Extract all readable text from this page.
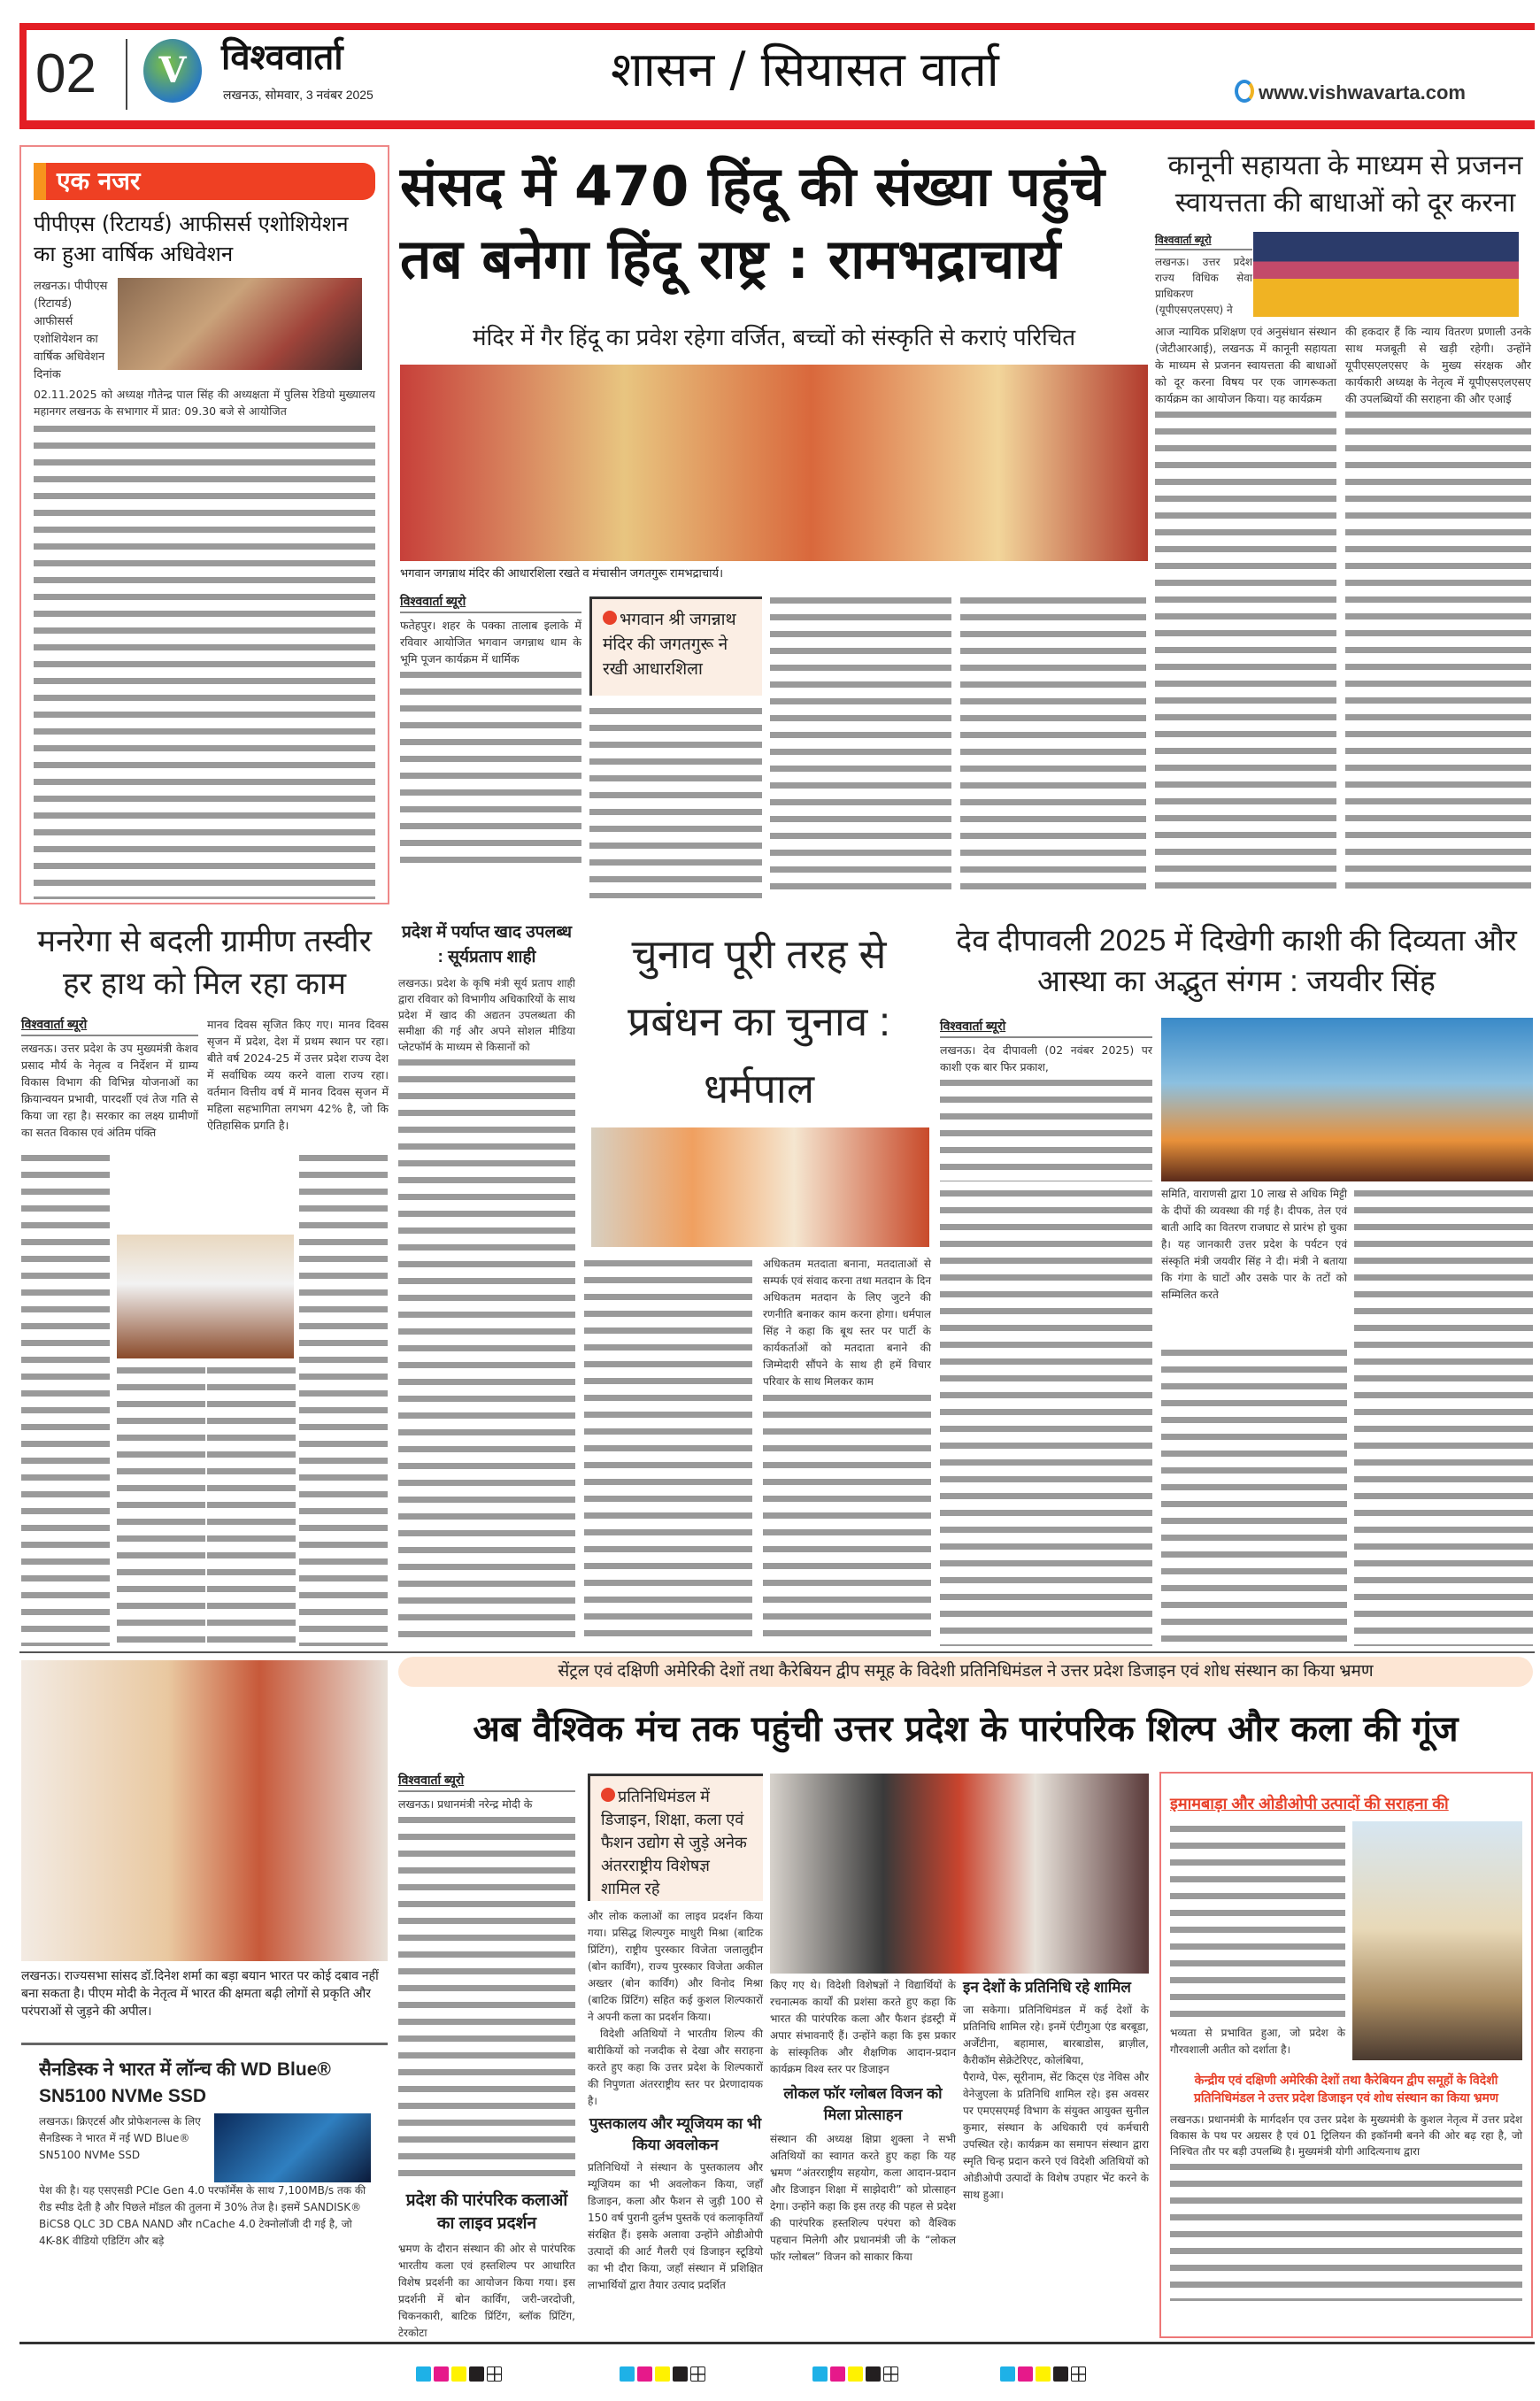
02	V विश्ववार्ता
लखनऊ, सोमवार, 3 नवंबर 2025	शासन / सियासत वार्ता	www.vishwavarta.com
एक नजर
पीपीएस (रिटायर्ड) आफीसर्स एशोशियेशन का हुआ वार्षिक अधिवेशन
लखनऊ। पीपीएस (रिटायर्ड) आफीसर्स एशोशियेशन का वार्षिक अधिवेशन दिनांक
02.11.2025 को अध्यक्ष गौतेन्द्र पाल सिंह की अध्यक्षता में पुलिस रेडियो मुख्यालय महानगर लखनऊ के सभागार में प्रात: 09.30 बजे से आयोजित
संसद में 470 हिंदू की संख्या पहुंचे
तब बनेगा हिंदू राष्ट्र : रामभद्राचार्य
मंदिर में गैर हिंदू का प्रवेश रहेगा वर्जित, बच्चों को संस्कृति से कराएं परिचित
भगवान जगन्नाथ मंदिर की आधारशिला रखते व मंचासीन जगतगुरू रामभद्राचार्य।
विश्ववार्ता ब्यूरो
फतेहपुर। शहर के पक्का तालाब इलाके में रविवार आयोजित भगवान जगन्नाथ धाम के भूमि पूजन कार्यक्रम में धार्मिक
भगवान श्री जगन्नाथ मंदिर की जगतगुरू ने रखी आधारशिला
कानूनी सहायता के माध्यम से प्रजनन स्वायत्तता की बाधाओं को दूर करना
विश्ववार्ता ब्यूरो
लखनऊ। उत्तर प्रदेश राज्य विधिक सेवा प्राधिकरण (यूपीएसएलएसए) ने
आज न्यायिक प्रशिक्षण एवं अनुसंधान संस्थान (जेटीआरआई), लखनऊ में कानूनी सहायता के माध्यम से प्रजनन स्वायत्तता की बाधाओं को दूर करना विषय पर एक जागरूकता कार्यक्रम का आयोजन किया। यह कार्यक्रम
की हकदार हैं कि न्याय वितरण प्रणाली उनके साथ मजबूती से खड़ी रहेगी। उन्होंने यूपीएसएलएसए के मुख्य संरक्षक और कार्यकारी अध्यक्ष के नेतृत्व में यूपीएसएलएसए की उपलब्धियों की सराहना की और एआई
मनरेगा से बदली ग्रामीण तस्वीर हर हाथ को मिल रहा काम
विश्ववार्ता ब्यूरो
लखनऊ। उत्तर प्रदेश के उप मुख्यमंत्री केशव प्रसाद मौर्य के नेतृत्व व निर्देशन में ग्राम्य विकास विभाग की विभिन्न योजनाओं का क्रियान्वयन प्रभावी, पारदर्शी एवं तेज गति से किया जा रहा है। सरकार का लक्ष्य ग्रामीणों का सतत विकास एवं अंतिम पंक्ति
मानव दिवस सृजित किए गए। मानव दिवस सृजन में प्रदेश, देश में प्रथम स्थान पर रहा। बीते वर्ष 2024-25 में उत्तर प्रदेश राज्य देश में सर्वाधिक व्यय करने वाला राज्य रहा। वर्तमान वित्तीय वर्ष में मानव दिवस सृजन में महिला सहभागिता लगभग 42% है, जो कि ऐतिहासिक प्रगति है।
प्रदेश में पर्याप्त खाद उपलब्ध : सूर्यप्रताप शाही
लखनऊ। प्रदेश के कृषि मंत्री सूर्य प्रताप शाही द्वारा रविवार को विभागीय अधिकारियों के साथ प्रदेश में खाद की अद्यतन उपलब्धता की समीक्षा की गई और अपने सोशल मीडिया प्लेटफॉर्म के माध्यम से किसानों को
चुनाव पूरी तरह से प्रबंधन का चुनाव : धर्मपाल
अधिकतम मतदाता बनाना, मतदाताओं से सम्पर्क एवं संवाद करना तथा मतदान के दिन अधिकतम मतदान के लिए जुटने की रणनीति बनाकर काम करना होगा। धर्मपाल सिंह ने कहा कि बूथ स्तर पर पार्टी के कार्यकर्ताओं को मतदाता बनाने की जिम्मेदारी सौंपने के साथ ही हमें विचार परिवार के साथ मिलकर काम
देव दीपावली 2025 में दिखेगी काशी की दिव्यता और आस्था का अद्भुत संगम : जयवीर सिंह
विश्ववार्ता ब्यूरो
लखनऊ। देव दीपावली (02 नवंबर 2025) पर काशी एक बार फिर प्रकाश,
समिति, वाराणसी द्वारा 10 लाख से अधिक मिट्टी के दीपों की व्यवस्था की गई है। दीपक, तेल एवं बाती आदि का वितरण राजघाट से प्रारंभ हो चुका है। यह जानकारी उत्तर प्रदेश के पर्यटन एवं संस्कृति मंत्री जयवीर सिंह ने दी। मंत्री ने बताया कि गंगा के घाटों और उसके पार के तटों को सम्मिलित करते
लखनऊ। राज्यसभा सांसद डॉ.दिनेश शर्मा का बड़ा बयान भारत पर कोई दबाव नहीं बना सकता है। पीएम मोदी के नेतृत्व में भारत की क्षमता बढ़ी लोगों से प्रकृति और परंपराओं से जुड़ने की अपील।
सैनडिस्क ने भारत में लॉन्च की WD Blue® SN5100 NVMe SSD
लखनऊ। क्रिएटर्स और प्रोफेशनल्स के लिए सैनडिस्क ने भारत में नई WD Blue® SN5100 NVMe SSD
पेश की है। यह एसएसडी PCIe Gen 4.0 परफॉर्मेंस के साथ 7,100MB/s तक की रीड स्पीड देती है और पिछले मॉडल की तुलना में 30% तेज है। इसमें SANDISK® BiCS8 QLC 3D CBA NAND और nCache 4.0 टेक्नोलॉजी दी गई है, जो 4K-8K वीडियो एडिटिंग और बड़े
सेंट्रल एवं दक्षिणी अमेरिकी देशों तथा कैरेबियन द्वीप समूह के विदेशी प्रतिनिधिमंडल ने उत्तर प्रदेश डिजाइन एवं शोध संस्थान का किया भ्रमण
अब वैश्विक मंच तक पहुंची उत्तर प्रदेश के पारंपरिक शिल्प और कला की गूंज
विश्ववार्ता ब्यूरो
लखनऊ। प्रधानमंत्री नरेन्द्र मोदी के
प्रदेश की पारंपरिक कलाओं का लाइव प्रदर्शन
भ्रमण के दौरान संस्थान की ओर से पारंपरिक भारतीय कला एवं हस्तशिल्प पर आधारित विशेष प्रदर्शनी का आयोजन किया गया। इस प्रदर्शनी में बोन कार्विंग, जरी-जरदोजी, चिकनकारी, बाटिक प्रिंटिंग, ब्लॉक प्रिंटिंग, टेरकोटा
प्रतिनिधिमंडल में डिजाइन, शिक्षा, कला एवं फैशन उद्योग से जुड़े अनेक अंतरराष्ट्रीय विशेषज्ञ शामिल रहे
और लोक कलाओं का लाइव प्रदर्शन किया गया। प्रसिद्ध शिल्पगुरु माधुरी मिश्रा (बाटिक प्रिंटिंग), राष्ट्रीय पुरस्कार विजेता जलालुद्दीन (बोन कार्विंग), राज्य पुरस्कार विजेता अकील अख्तर (बोन कार्विंग) और विनोद मिश्रा (बाटिक प्रिंटिंग) सहित कई कुशल शिल्पकारों ने अपनी कला का प्रदर्शन किया।
विदेशी अतिथियों ने भारतीय शिल्प की बारीकियों को नजदीक से देखा और सराहना करते हुए कहा कि उत्तर प्रदेश के शिल्पकारों की निपुणता अंतरराष्ट्रीय स्तर पर प्रेरणादायक है।
पुस्तकालय और म्यूजियम का भी किया अवलोकन
प्रतिनिधियों ने संस्थान के पुस्तकालय और म्यूजियम का भी अवलोकन किया, जहाँ डिजाइन, कला और फैशन से जुड़ी 100 से 150 वर्ष पुरानी दुर्लभ पुस्तकें एवं कलाकृतियाँ संरक्षित हैं। इसके अलावा उन्होंने ओडीओपी उत्पादों की आर्ट गैलरी एवं डिजाइन स्टूडियो का भी दौरा किया, जहाँ संस्थान में प्रशिक्षित लाभार्थियों द्वारा तैयार उत्पाद प्रदर्शित
किए गए थे। विदेशी विशेषज्ञों ने विद्यार्थियों के रचनात्मक कार्यों की प्रशंसा करते हुए कहा कि भारत की पारंपरिक कला और फैशन इंडस्ट्री में अपार संभावनाएँ हैं। उन्होंने कहा कि इस प्रकार के सांस्कृतिक और शैक्षणिक आदान-प्रदान कार्यक्रम विश्व स्तर पर डिजाइन
लोकल फॉर ग्लोबल विजन को मिला प्रोत्साहन
संस्थान की अध्यक्ष क्षिप्रा शुक्ला ने सभी अतिथियों का स्वागत करते हुए कहा कि यह भ्रमण “अंतरराष्ट्रीय सहयोग, कला आदान-प्रदान और डिजाइन शिक्षा में साझेदारी” को प्रोत्साहन देगा। उन्होंने कहा कि इस तरह की पहल से प्रदेश की पारंपरिक हस्तशिल्प परंपरा को वैश्विक पहचान मिलेगी और प्रधानमंत्री जी के “लोकल फॉर ग्लोबल” विजन को साकार किया
इन देशों के प्रतिनिधि रहे शामिल
जा सकेगा। प्रतिनिधिमंडल में कई देशों के प्रतिनिधि शामिल रहे। इनमें एंटीगुआ एंड बरबूडा, अर्जेंटीना, बहामास, बारबाडोस, ब्राज़ील, कैरीकॉम सेक्रेटेरिएट, कोलंबिया,
पैराग्वे, पेरू, सूरीनाम, सेंट किट्स एंड नेविस और वेनेजुएला के प्रतिनिधि शामिल रहे। इस अवसर पर एमएसएमई विभाग के संयुक्त आयुक्त सुनील कुमार, संस्थान के अधिकारी एवं कर्मचारी उपस्थित रहे। कार्यक्रम का समापन संस्थान द्वारा स्मृति चिन्ह प्रदान करने एवं विदेशी अतिथियों को ओडीओपी उत्पादों के विशेष उपहार भेंट करने के साथ हुआ।
इमामबाड़ा और ओडीओपी उत्पादों की सराहना की
भव्यता से प्रभावित हुआ, जो प्रदेश के गौरवशाली अतीत को दर्शाता है।
केन्द्रीय एवं दक्षिणी अमेरिकी देशों तथा कैरेबियन द्वीप समूहों के विदेशी प्रतिनिधिमंडल ने उत्तर प्रदेश डिजाइन एवं शोध संस्थान का किया भ्रमण
लखनऊ। प्रधानमंत्री के मार्गदर्शन एव उत्तर प्रदेश के मुख्यमंत्री के कुशल नेतृत्व में उत्तर प्रदेश विकास के पथ पर अग्रसर है एवं 01 ट्रिलियन की इकॉनमी बनने की ओर बढ़ रहा है, जो निश्चित तौर पर बड़ी उपलब्धि है। मुख्यमंत्री योगी आदित्यनाथ द्वारा
